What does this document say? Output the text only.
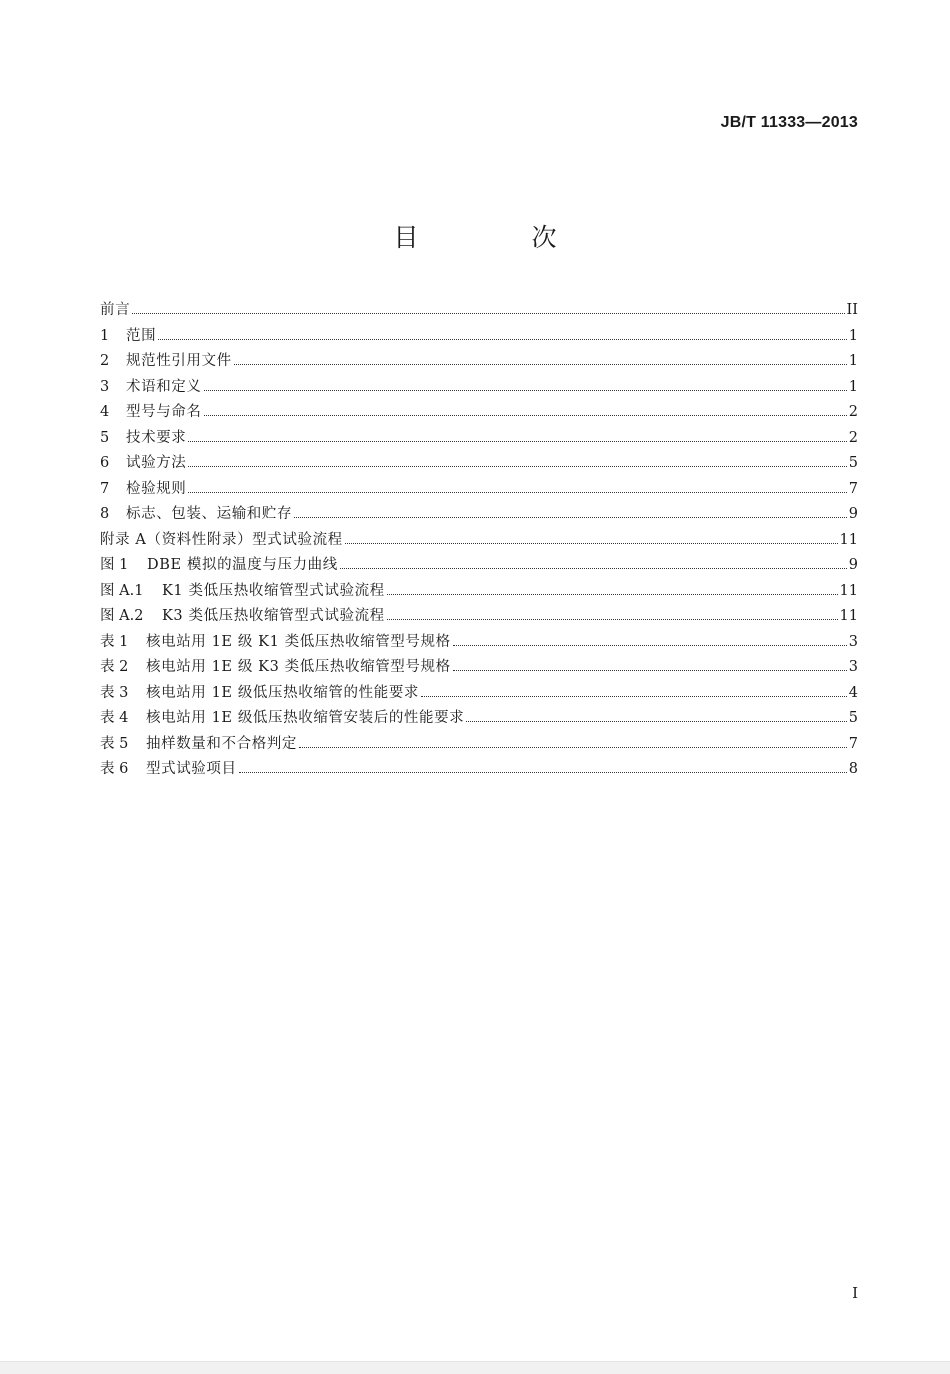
JB/T 11333—2013
目　次
前言	II
1	范围	1
2	规范性引用文件	1
3	术语和定义	1
4	型号与命名	2
5	技术要求	2
6	试验方法	5
7	检验规则	7
8	标志、包装、运输和贮存	9
附录 A（资料性附录）型式试验流程	11
图 1	DBE 模拟的温度与压力曲线	9
图 A.1	K1 类低压热收缩管型式试验流程	11
图 A.2	K3 类低压热收缩管型式试验流程	11
表 1	核电站用 1E 级 K1 类低压热收缩管型号规格	3
表 2	核电站用 1E 级 K3 类低压热收缩管型号规格	3
表 3	核电站用 1E 级低压热收缩管的性能要求	4
表 4	核电站用 1E 级低压热收缩管安装后的性能要求	5
表 5	抽样数量和不合格判定	7
表 6	型式试验项目	8
I
